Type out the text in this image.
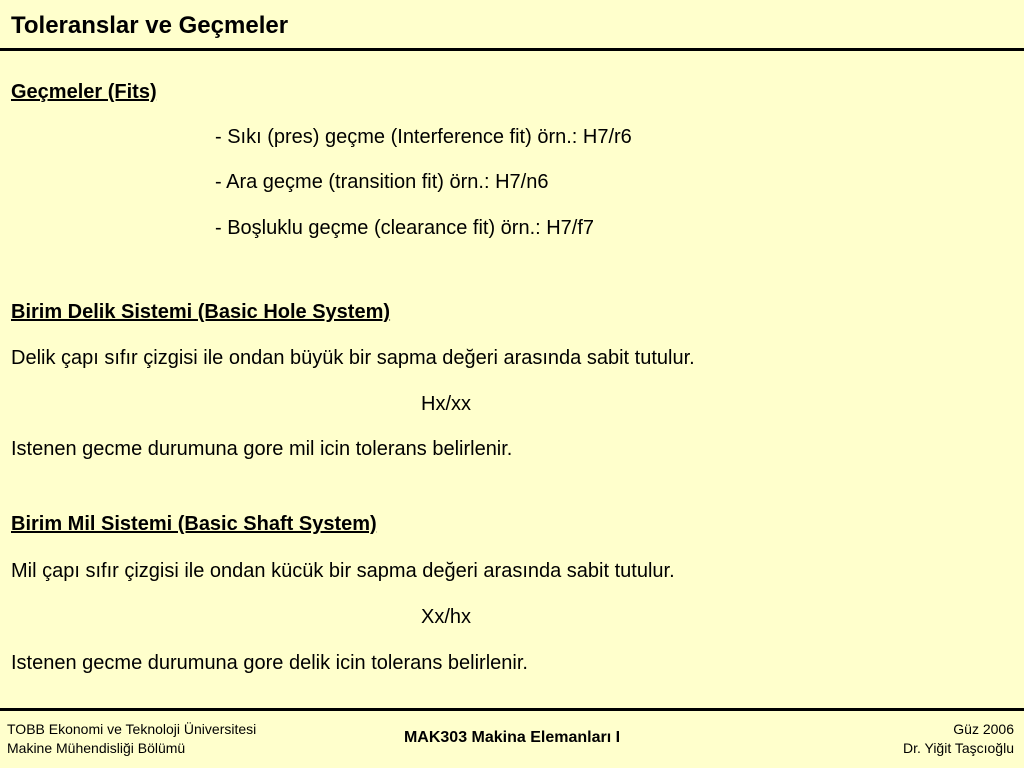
Toleranslar ve Geçmeler
Geçmeler (Fits)
- Sıkı (pres) geçme (Interference fit) örn.: H7/r6
- Ara geçme (transition fit) örn.: H7/n6
- Boşluklu geçme (clearance fit) örn.: H7/f7
Birim Delik Sistemi (Basic Hole System)
Delik çapı sıfır çizgisi ile ondan büyük bir sapma değeri arasında sabit tutulur.
Hx/xx
Istenen gecme durumuna gore mil icin tolerans belirlenir.
Birim Mil Sistemi (Basic Shaft System)
Mil çapı sıfır çizgisi ile ondan kücük bir sapma değeri arasında sabit tutulur.
Xx/hx
Istenen gecme durumuna gore delik icin tolerans belirlenir.
TOBB Ekonomi ve Teknoloji Üniversitesi
Makine Mühendisliği Bölümü
MAK303 Makina Elemanları I	Güz 2006
Dr. Yiğit Taşcıoğlu
